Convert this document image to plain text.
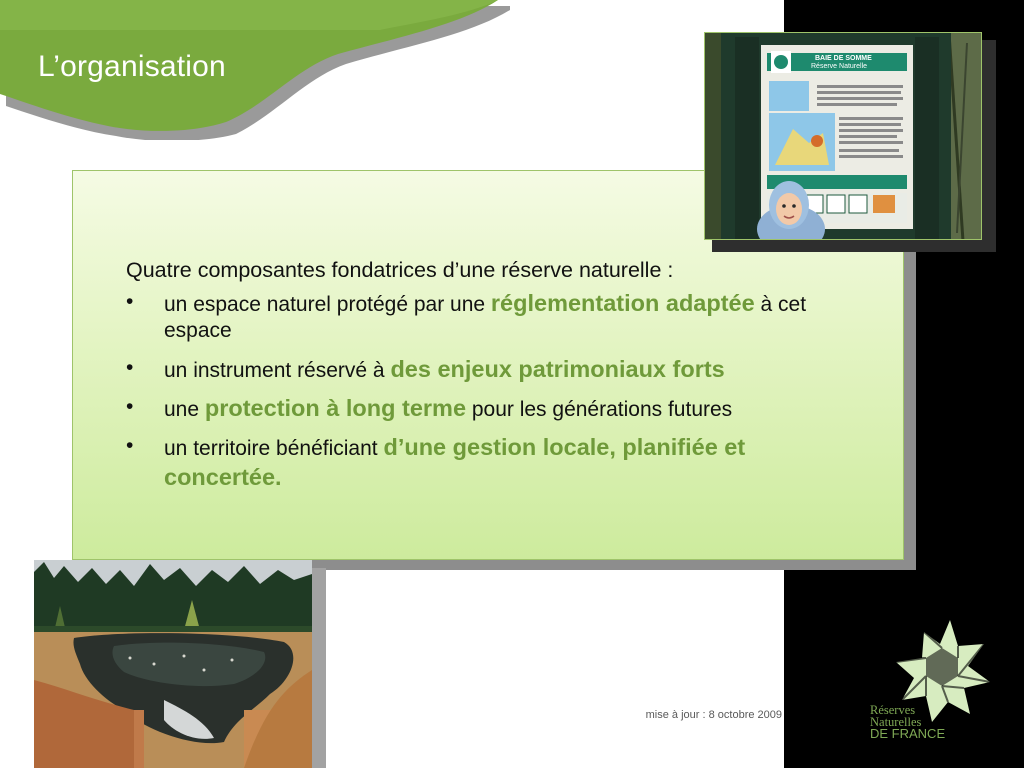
L’organisation

Quatre composantes fondatrices d’une réserve naturelle :

• un espace naturel protégé par une réglementation adaptée à cet espace
• un instrument réservé à des enjeux patrimoniaux forts
• une protection à long terme pour les générations futures
• un territoire bénéficiant d’une gestion locale, planifiée et concertée.
BAIE DE SOMME
Réserve Naturelle
mise à jour : 8 octobre 2009	Réserves
Naturelles
DE FRANCE
